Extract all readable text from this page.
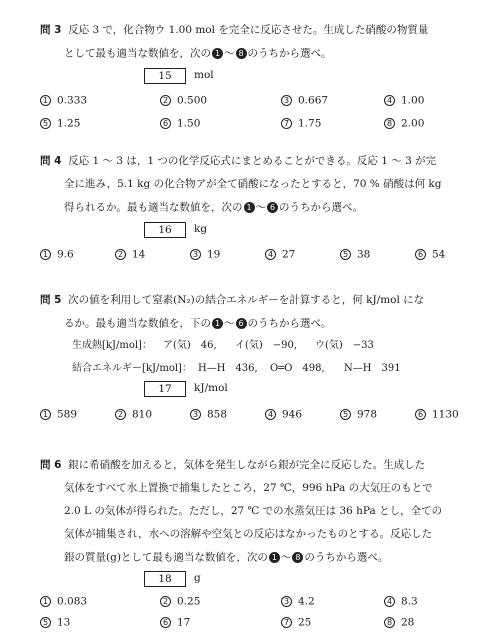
問 3 反応 3 で，化合物ウ 1.00 mol を完全に反応させた。生成した硝酸の物質量
として最も適当な数値を，次の 1 ～ 8 のうちから選べ。
15	mol
1 0.333	2 0.500	3 0.667	4 1.00
5 1.25	6 1.50	7 1.75	8 2.00
問 4 反応 1 ～ 3 は，1 つの化学反応式にまとめることができる。反応 1 ～ 3 が完
全に進み，5.1 kg の化合物アが全て硝酸になったとすると，70 % 硝酸は何 kg
得られるか。最も適当な数値を，次の 1 ～ 6 のうちから選べ。
16	kg
1 9.6	2 14	3 19	4 27	5 38	6 54
問 5 次の値を利用して窒素(N₂)の結合エネルギーを計算すると，何 kJ/mol にな
るか。最も適当な数値を，下の 1 ～ 6 のうちから選べ。
生成熱[kJ/mol]： ア(気)　46, イ(気)　−90, ウ(気)　−33
結合エネルギー[kJ/mol]： H—H　436, O═O　498, N—H　391
17	kJ/mol
1 589	2 810	3 858	4 946	5 978	6 1130
問 6 銀に希硝酸を加えると，気体を発生しながら銀が完全に反応した。生成した
気体をすべて水上置換で捕集したところ，27 ℃，996 hPa の大気圧のもとで
2.0 L の気体が得られた。ただし，27 ℃ での水蒸気圧は 36 hPa とし，全ての
気体が捕集され，水への溶解や空気との反応はなかったものとする。反応した
銀の質量(g)として最も適当な数値を，次の 1 ～ 8 のうちから選べ。
18	g
1 0.083	2 0.25	3 4.2	4 8.3
5 13	6 17	7 25	8 28
